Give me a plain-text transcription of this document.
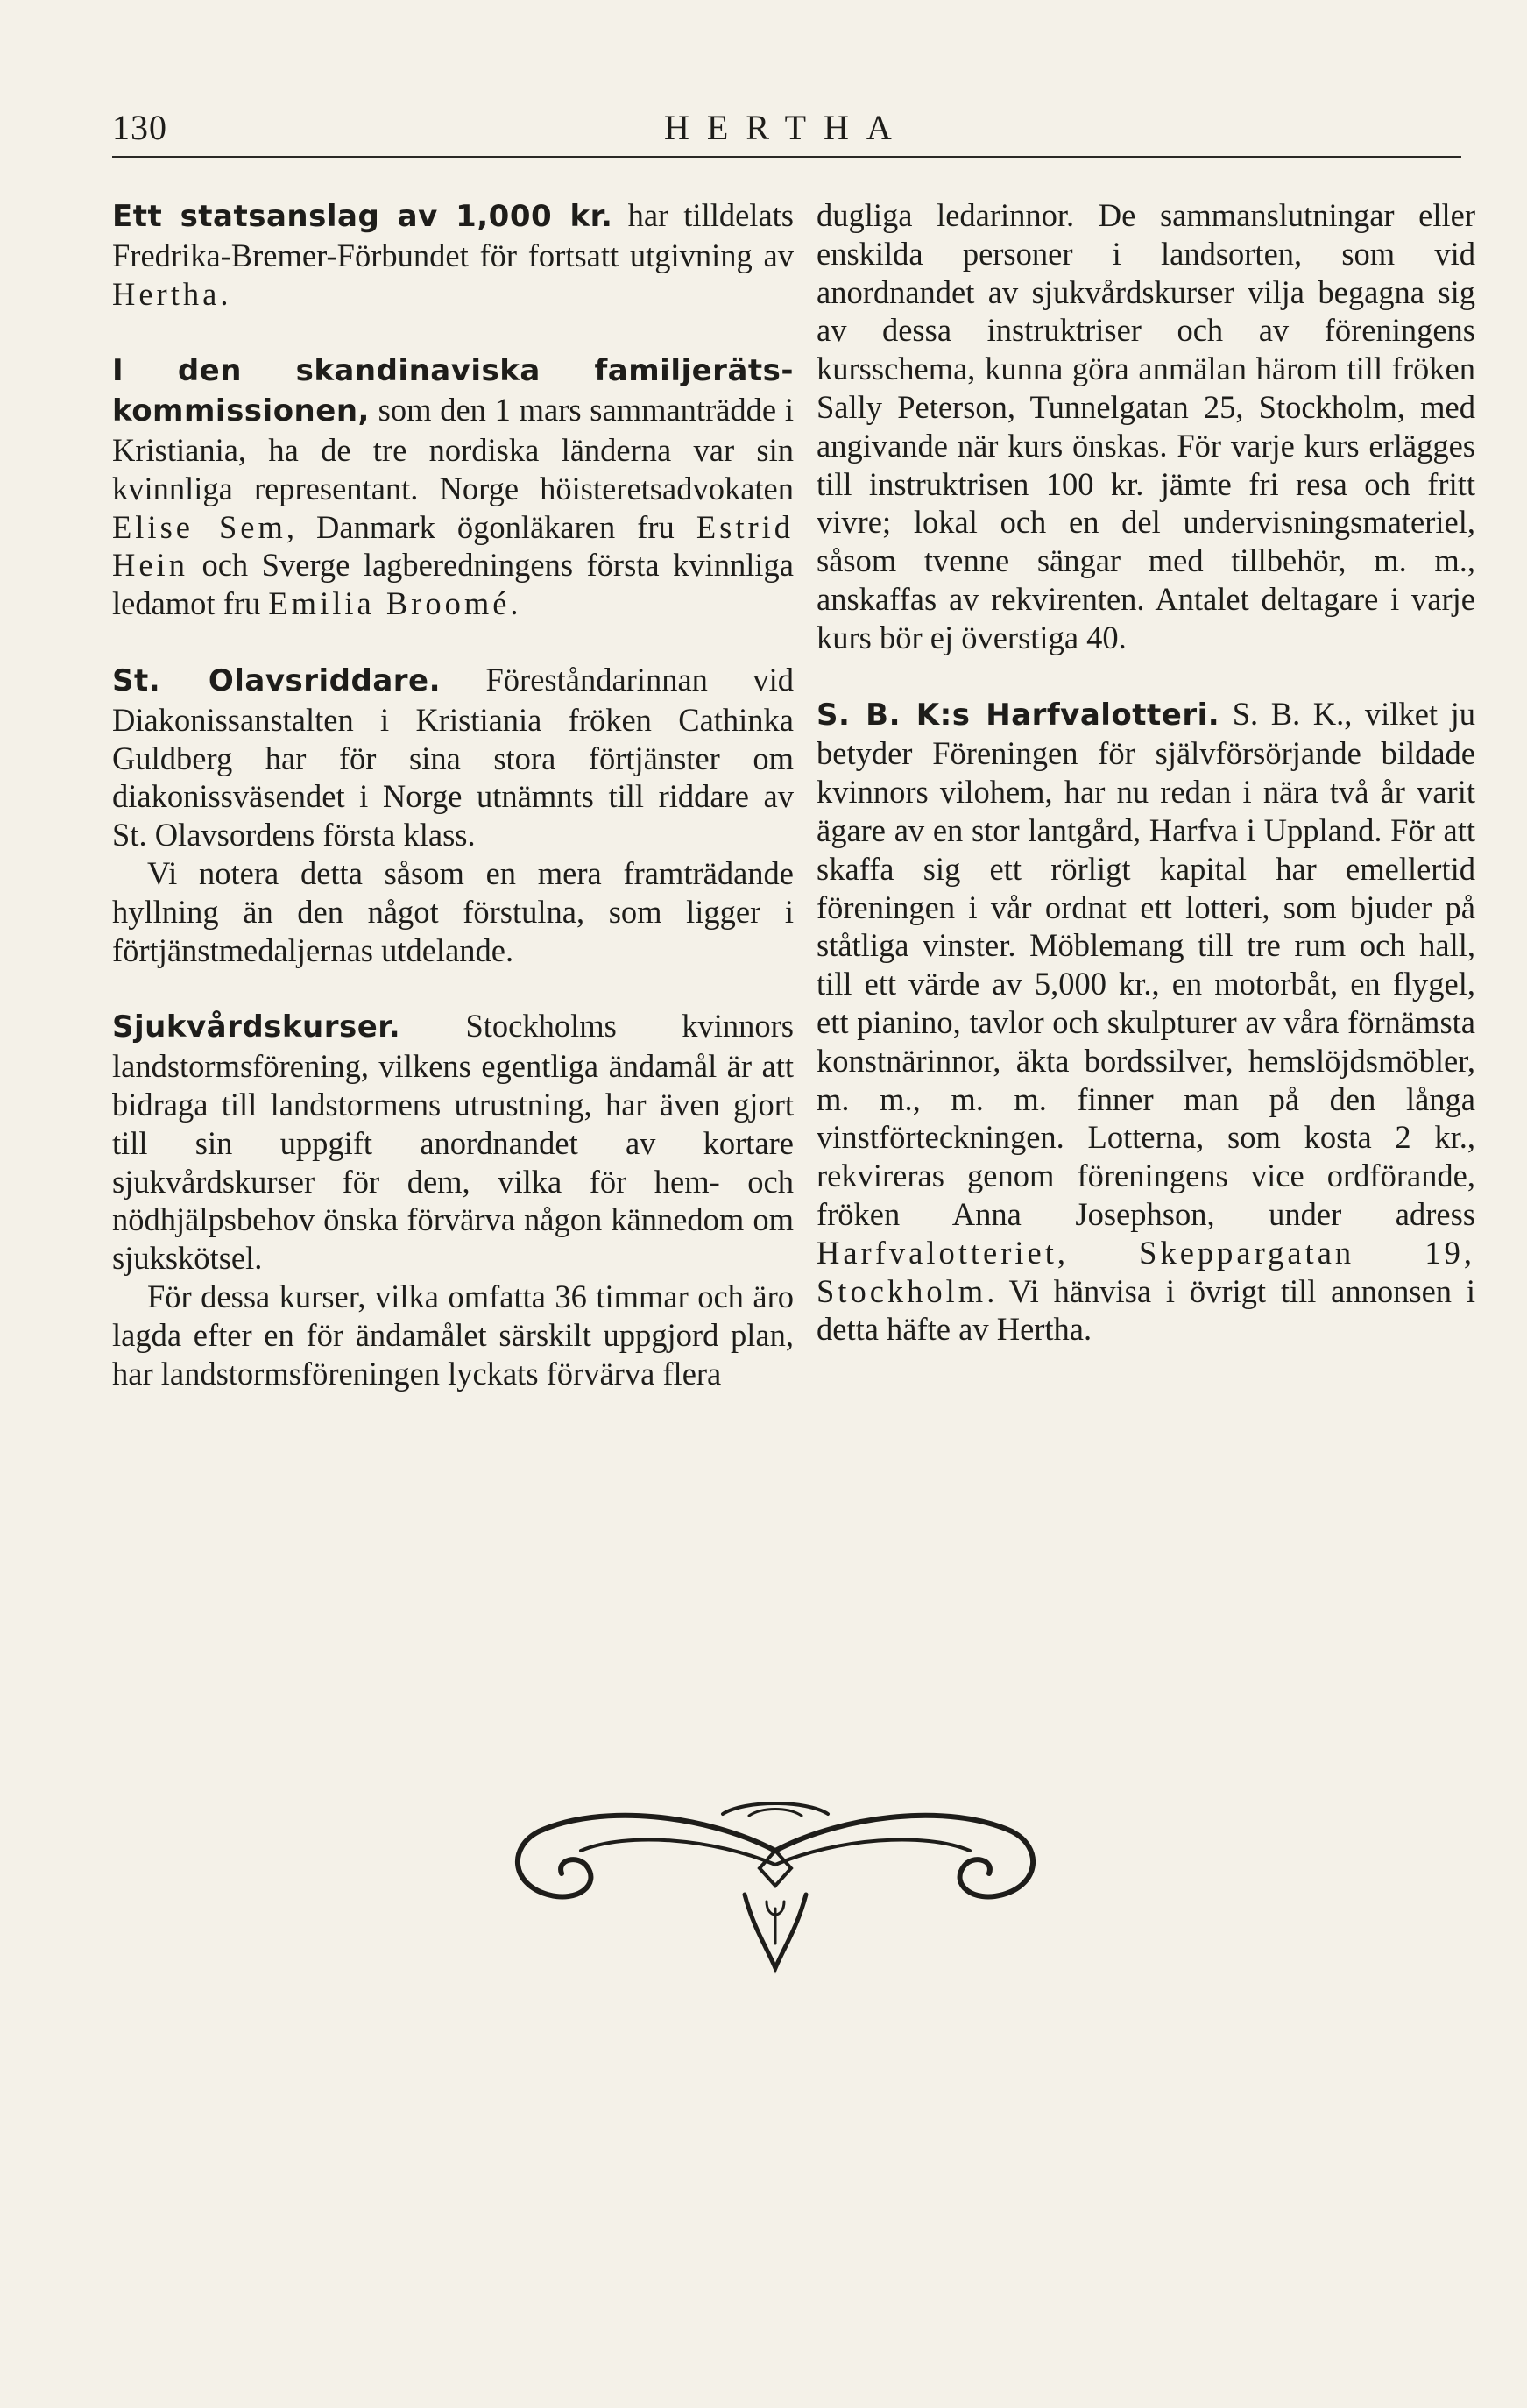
130	HERTHA

Ett statsanslag av 1,000 kr. har tilldelats Fredrika-Bremer-Förbundet för fortsatt utgivning av Hertha.

I den skandinaviska familjeräts-kommissionen, som den 1 mars sammanträdde i Kristiania, ha de tre nordiska länderna var sin kvinnliga representant. Norge höisteretsadvokaten Elise Sem, Danmark ögonläkaren fru Estrid Hein och Sverge lagberedningens första kvinnliga ledamot fru Emilia Broomé.

St. Olavsriddare. Föreståndarinnan vid Diakonissanstalten i Kristiania fröken Cathinka Guldberg har för sina stora förtjänster om diakonissväsendet i Norge utnämnts till riddare av St. Olavsordens första klass.

Vi notera detta såsom en mera framträdande hyllning än den något förstulna, som ligger i förtjänstmedaljernas utdelande.

Sjukvårdskurser. Stockholms kvinnors landstormsförening, vilkens egentliga ändamål är att bidraga till landstormens utrustning, har även gjort till sin uppgift anordnandet av kortare sjukvårdskurser för dem, vilka för hem- och nödhjälpsbehov önska förvärva någon kännedom om sjukskötsel.

För dessa kurser, vilka omfatta 36 timmar och äro lagda efter en för ändamålet särskilt uppgjord plan, har landstormsföreningen lyckats förvärva flera

dugliga ledarinnor. De sammanslutningar eller enskilda personer i landsorten, som vid anordnandet av sjukvårdskurser vilja begagna sig av dessa instruktriser och av föreningens kursschema, kunna göra anmälan härom till fröken Sally Peterson, Tunnelgatan 25, Stockholm, med angivande när kurs önskas. För varje kurs erlägges till instruktrisen 100 kr. jämte fri resa och fritt vivre; lokal och en del undervisningsmateriel, såsom tvenne sängar med tillbehör, m. m., anskaffas av rekvirenten. Antalet deltagare i varje kurs bör ej överstiga 40.

S. B. K:s Harfvalotteri. S. B. K., vilket ju betyder Föreningen för självförsörjande bildade kvinnors vilohem, har nu redan i nära två år varit ägare av en stor lantgård, Harfva i Uppland. För att skaffa sig ett rörligt kapital har emellertid föreningen i vår ordnat ett lotteri, som bjuder på ståtliga vinster. Möblemang till tre rum och hall, till ett värde av 5,000 kr., en motorbåt, en flygel, ett pianino, tavlor och skulpturer av våra förnämsta konstnärinnor, äkta bordssilver, hemslöjdsmöbler, m. m., m. m. finner man på den långa vinstförteckningen. Lotterna, som kosta 2 kr., rekvireras genom föreningens vice ordförande, fröken Anna Josephson, under adress Harfvalotteriet, Skeppargatan 19, Stockholm. Vi hänvisa i övrigt till annonsen i detta häfte av Hertha.
